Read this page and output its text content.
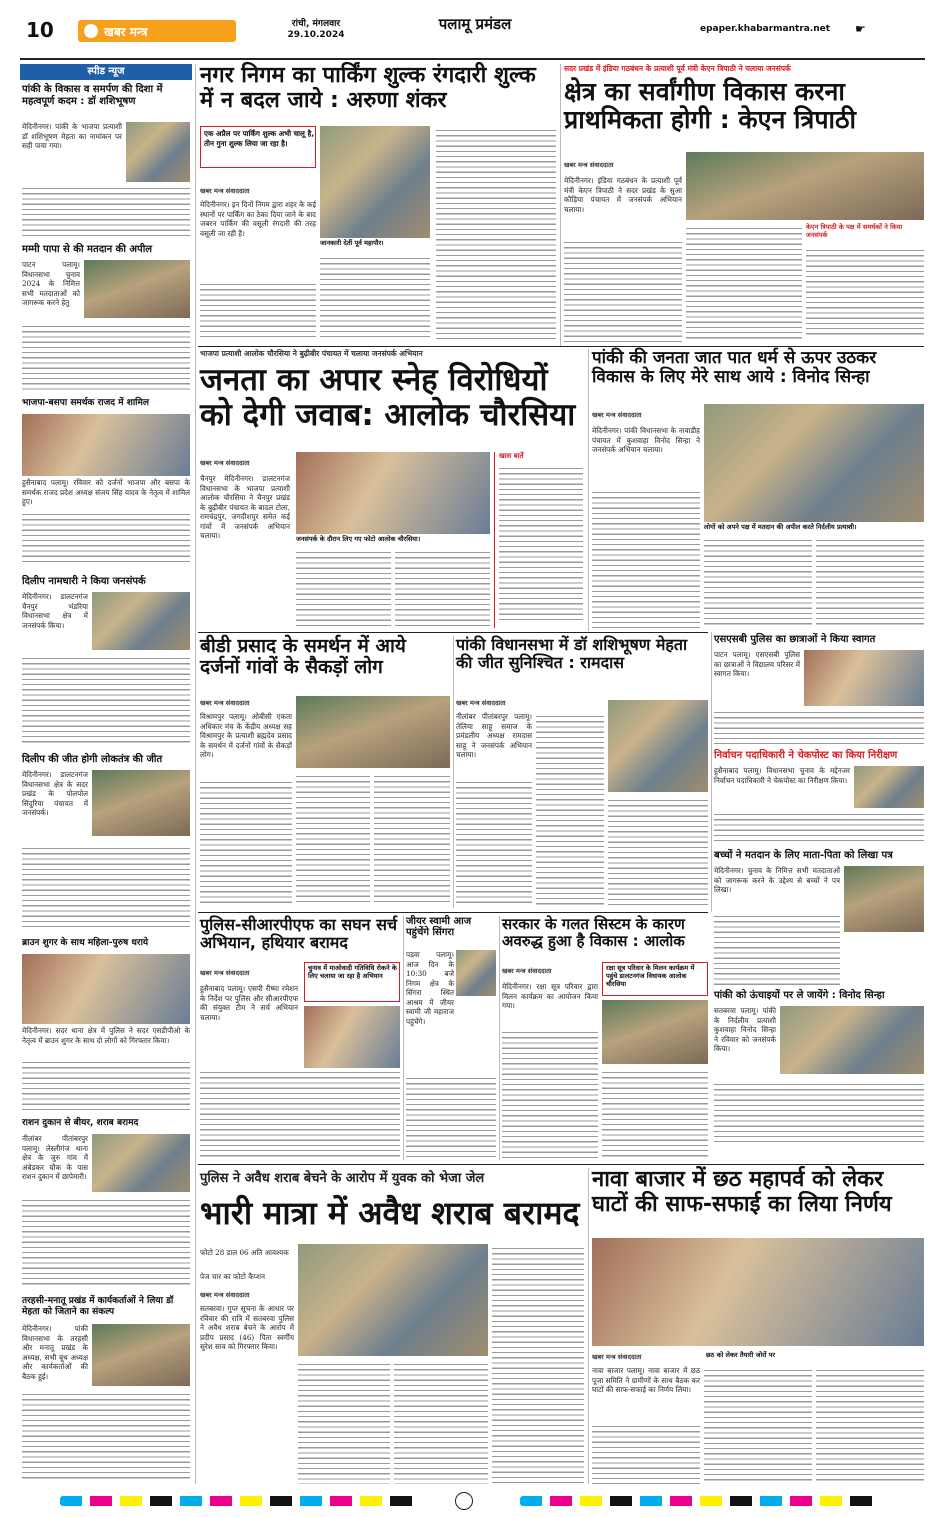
10	खबर मन्त्र
रांची, मंगलवार
29.10.2024
पलामू प्रमंडल	epaper.khabarmantra.net	☛
स्पीड न्यूज
पांकी के विकास व समर्पण की दिशा में महत्वपूर्ण कदम : डॉ शशिभूषण
मेदिनीनगर। पांकी के भाजपा प्रत्याशी डॉ शशिभूषण मेहता का नामांकन पर सही पाया गया।
मम्मी पापा से की मतदान की अपील
पाटन पलामू। विधानसभा चुनाव 2024 के निमित्त सभी मतदाताओं को जागरूक करने हेतु
भाजपा-बसपा समर्थक राजद में शामिल
हुसैनाबाद पलामू। रविवार को दर्जनों भाजपा और बसपा के समर्थक राजद प्रदेश अध्यक्ष संजय सिंह यादव के नेतृत्व में शामिल हुए।
दिलीप नामधारी ने किया जनसंपर्क
मेदिनीनगर। डालटनगंज चैनपुर भंडरिया विधानसभा क्षेत्र में जनसंपर्क किया।
दिलीप की जीत होगी लोकतंत्र की जीत
मेदिनीनगर। डालटनगंज विधानसभा क्षेत्र के सदर प्रखंड के पोलपोल सिंदुरिया पंचायत में जनसंपर्क।
ब्राउन शुगर के साथ महिला-पुरुष धराये
मेदिनीनगर। सदर थाना क्षेत्र में पुलिस ने सदर एसडीपीओ के नेतृत्व में ब्राउन शुगर के साथ दो लोगों को गिरफ्तार किया।
राशन दुकान से बीयर, शराब बरामद
नीलांबर पीतांबरपुर पलामू। लेस्लीगंज थाना क्षेत्र के जुरु गांव में अंबेडकर चौक के पास राशन दुकान में छापेमारी।
तरहसी-मनातू प्रखंड में कार्यकर्ताओं ने लिया डॉ मेहता को जिताने का संकल्प
मेदिनीनगर। पांकी विधानसभा के तरहसी और मनातू प्रखंड के अध्यक्ष, सभी बूथ अध्यक्ष और कार्यकर्ताओं की बैठक हुई।
नगर निगम का पार्किंग शुल्क रंगदारी शुल्क में न बदल जाये : अरुणा शंकर
एक अप्रैल पर पार्किंग शुल्क अभी चालू है, तीन गुना शुल्क लिया जा रहा है।
खबर मन्त्र संवाददाता
मेदिनीनगर। इन दिनों निगम द्वारा शहर के कई स्थानों पर पार्किंग का ठेका दिया जाने के बाद जबरन पार्किंग की वसूली रंगदारी की तरह वसूली जा रही है।
जानकारी देतीं पूर्व महापौर।
सदर प्रखंड में इंडिया गठबंधन के प्रत्याशी पूर्व मंत्री केएन त्रिपाठी ने चलाया जनसंपर्क
क्षेत्र का सर्वांगीण विकास करना प्राथमिकता होगी : केएन त्रिपाठी
खबर मन्त्र संवाददाता
मेदिनीनगर। इंडिया गठबंधन के प्रत्याशी पूर्व मंत्री केएन त्रिपाठी ने सदर प्रखंड के सुआ कौड़िया पंचायत में जनसंपर्क अभियान चलाया।
केएन त्रिपाठी के पक्ष में समर्थकों ने किया जनसंपर्क
भाजपा प्रत्याशी आलोक चौरसिया ने बुढ़ीबीर पंचायत में चलाया जनसंपर्क अभियान
जनता का अपार स्नेह विरोधियों को देगी जवाब: आलोक चौरसिया
खबर मन्त्र संवाददाता
चैनपुर मेदिनीनगर। डालटनगंज विधानसभा के भाजपा प्रत्याशी आलोक चौरसिया ने चैनपुर प्रखंड के बुढ़ीबीर पंचायत के बादल टोला, रामचंद्रपुर, जगदीशपुर समेत कई गांवों में जनसंपर्क अभियान चलाया।	जनसंपर्क के दौरान लिए गए फोटो आलोक चौरसिया।
खास बातें
पांकी की जनता जात पात धर्म से ऊपर उठकर विकास के लिए मेरे साथ आये : विनोद सिन्हा
खबर मन्त्र संवाददाता
मेदिनीनगर। पांकी विधानसभा के नावाडीह पंचायत में कुशवाहा विनोद सिन्हा ने जनसंपर्क अभियान चलाया।
लोगों को अपने पक्ष में मतदान की अपील करते निर्दलीय प्रत्याशी।
बीडी प्रसाद के समर्थन में आये दर्जनों गांवों के सैकड़ों लोग
खबर मन्त्र संवाददाता
विश्रामपुर पलामू। ओबीसी एकता अधिकार मंच के केंद्रीय अध्यक्ष सह विश्रामपुर के प्रत्याशी ब्रह्मदेव प्रसाद के समर्थन में दर्जनों गांवों के सैकड़ों लोग।
पांकी विधानसभा में डॉ शशिभूषण मेहता की जीत सुनिश्चित : रामदास
खबर मन्त्र संवाददाता
नीलांबर पीतांबरपुर पलामू। तेलिया साहू समाज के प्रमंडलीय अध्यक्ष रामदास साहू ने जनसंपर्क अभियान चलाया।
एसएसबी पुलिस का छात्राओं ने किया स्वागत
पाटन पलामू। एसएसबी पुलिस का छात्राओं ने विद्यालय परिसर में स्वागत किया।
निर्वाचन पदाधिकारी ने चेकपोस्ट का किया निरीक्षण
हुसैनाबाद पलामू। विधानसभा चुनाव के मद्देनजर निर्वाचन पदाधिकारी ने चेकपोस्ट का निरीक्षण किया।
बच्चों ने मतदान के लिए माता-पिता को लिखा पत्र
मेदिनीनगर। चुनाव के निमित्त सभी मतदाताओं को जागरूक करने के उद्देश्य से बच्चों ने पत्र लिखा।
पांकी को ऊंचाइयों पर ले जायेंगे : विनोद सिन्हा
सतबरवा पलामू। पांकी के निर्दलीय प्रत्याशी कुशवाहा विनोद सिन्हा ने रविवार को जनसंपर्क किया।
पुलिस-सीआरपीएफ का सघन सर्च अभियान, हथियार बरामद
खबर मन्त्र संवाददाता
चुनाव में माओवादी गतिविधि रोकने के लिए चलाया जा रहा है अभियान
हुसैनाबाद पलामू। एसपी रीष्मा रमेशन के निर्देश पर पुलिस और सीआरपीएफ की संयुक्त टीम ने सर्च अभियान चलाया।
जीयर स्वामी आज पहुंचेंगे सिंगरा
पड़वा पलामू। आज दिन के 10:30 बजे निगम क्षेत्र के सिंगरा स्थित आश्रम में जीयर स्वामी जी महाराज पहुंचेंगे।
सरकार के गलत सिस्टम के कारण अवरुद्ध हुआ है विकास : आलोक
खबर मन्त्र संवाददाता	रक्षा सूत्र परिवार के मिलन कार्यक्रम में पहुंचे डालटनगंज विधायक आलोक चौरसिया
मेदिनीनगर। रक्षा सूत्र परिवार द्वारा मिलन कार्यक्रम का आयोजन किया गया।
पुलिस ने अवैध शराब बेचने के आरोप में युवक को भेजा जेल
भारी मात्रा में अवैध शराब बरामद
फोटो 28 डाल 06 अति आवश्यक
पेज चार का फोटो कैप्शन
खबर मन्त्र संवाददाता
सतबरवा। गुप्त सूचना के आधार पर रविवार की रात्रि में सतबरवा पुलिस ने अवैध शराब बेचने के आरोप में प्रदीप प्रसाद (46) पिता स्वर्गीय सुरेश साव को गिरफ्तार किया।
नावा बाजार में छठ महापर्व को लेकर घाटों की साफ-सफाई का लिया निर्णय
खबर मन्त्र संवाददाता	छठ को लेकर तैयारी जोरों पर
नावा बाजार पलामू। नावा बाजार में छठ पूजा समिति ने ग्रामीणों के साथ बैठक कर घाटों की साफ-सफाई का निर्णय लिया।
